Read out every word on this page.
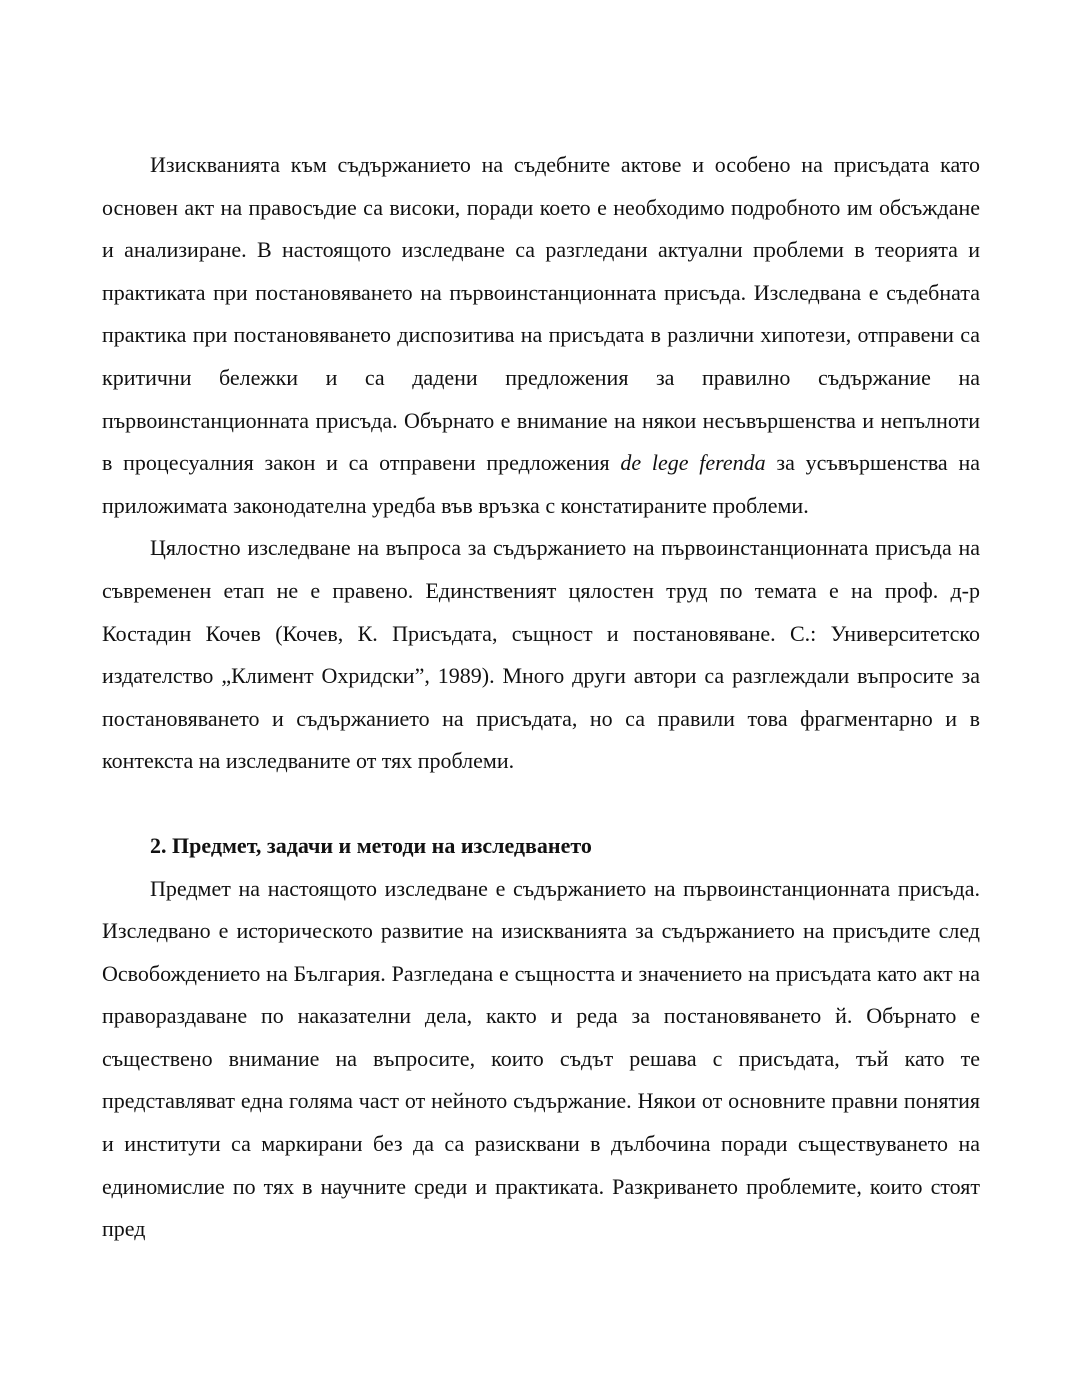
Изискванията към съдържанието на съдебните актове и особено на присъдата като основен акт на правосъдие са високи, поради което е необходимо подробното им обсъждане и анализиране. В настоящото изследване са разгледани актуални проблеми в теорията и практиката при постановяването на първоинстанционната присъда. Изследвана е съдебната практика при постановяването диспозитива на присъдата в различни хипотези, отправени са критични бележки и са дадени предложения за правилно съдържание на първоинстанционната присъда. Обърнато е внимание на някои несъвършенства и непълноти в процесуалния закон и са отправени предложения de lege ferenda за усъвършенства на приложимата законодателна уредба във връзка с констатираните проблеми.

Цялостно изследване на въпроса за съдържанието на първоинстанционната присъда на съвременен етап не е правено. Единственият цялостен труд по темата е на проф. д-р Костадин Кочев (Кочев, К. Присъдата, същност и постановяване. С.: Университетско издателство „Климент Охридски”, 1989). Много други автори са разглеждали въпросите за постановяването и съдържанието на присъдата, но са правили това фрагментарно и в контекста на изследваните от тях проблеми.

2. Предмет, задачи и методи на изследването

Предмет на настоящото изследване е съдържанието на първоинстанционната присъда. Изследвано е историческото развитие на изискванията за съдържанието на присъдите след Освобождението на България. Разгледана е същността и значението на присъдата като акт на правораздаване по наказателни дела, както и реда за постановяването й. Обърнато е съществено внимание на въпросите, които съдът решава с присъдата, тъй като те представляват една голяма част от нейното съдържание. Някои от основните правни понятия и институти са маркирани без да са разисквани в дълбочина поради съществуването на единомислие по тях в научните среди и практиката. Разкриването проблемите, които стоят пред
